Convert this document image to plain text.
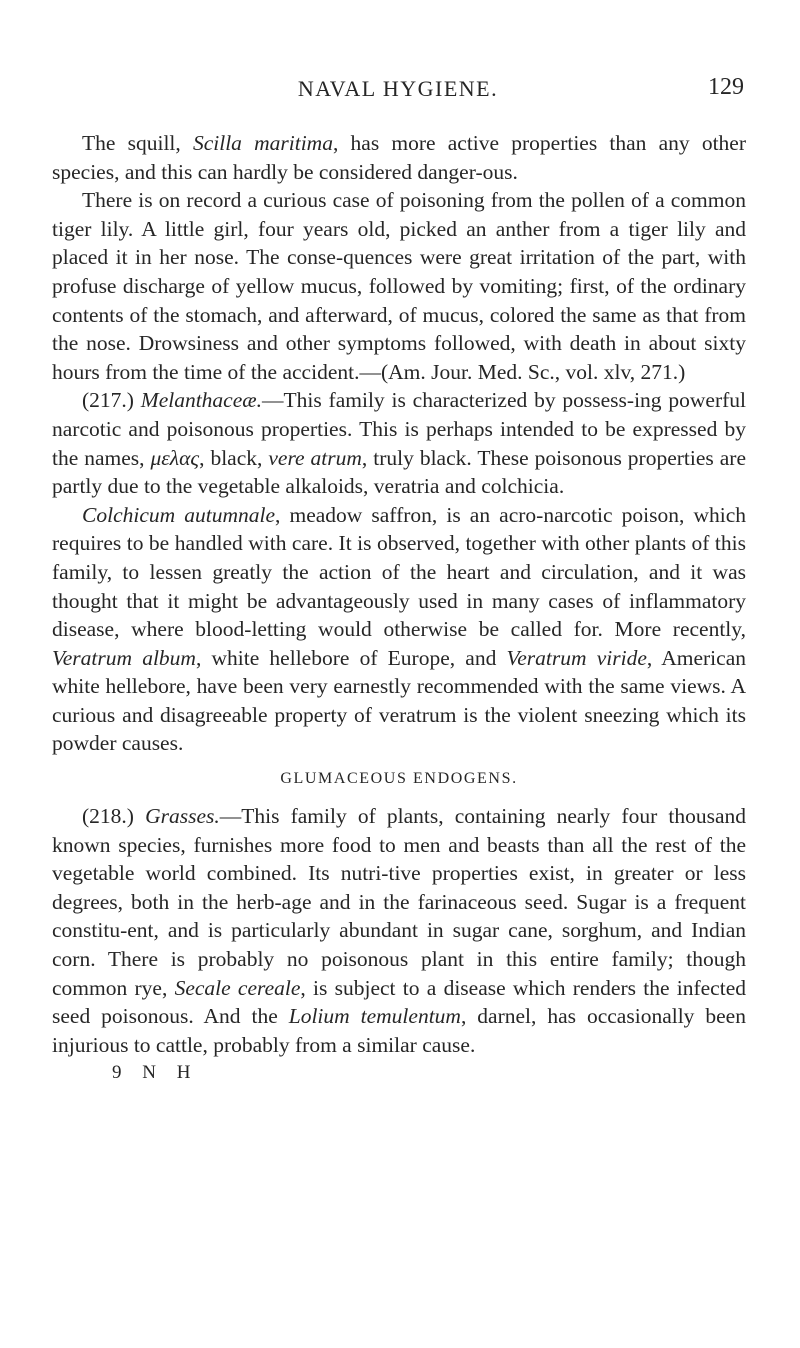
NAVAL HYGIENE.	129

The squill, Scilla maritima, has more active properties than any other species, and this can hardly be considered danger-ous.

There is on record a curious case of poisoning from the pollen of a common tiger lily. A little girl, four years old, picked an anther from a tiger lily and placed it in her nose. The conse-quences were great irritation of the part, with profuse discharge of yellow mucus, followed by vomiting; first, of the ordinary contents of the stomach, and afterward, of mucus, colored the same as that from the nose. Drowsiness and other symptoms followed, with death in about sixty hours from the time of the accident.—(Am. Jour. Med. Sc., vol. xlv, 271.)

(217.) Melanthaceæ.—This family is characterized by possess-ing powerful narcotic and poisonous properties. This is perhaps intended to be expressed by the names, μελας, black, vere atrum, truly black. These poisonous properties are partly due to the vegetable alkaloids, veratria and colchicia.

Colchicum autumnale, meadow saffron, is an acro-narcotic poison, which requires to be handled with care. It is observed, together with other plants of this family, to lessen greatly the action of the heart and circulation, and it was thought that it might be advantageously used in many cases of inflammatory disease, where blood-letting would otherwise be called for. More recently, Veratrum album, white hellebore of Europe, and Veratrum viride, American white hellebore, have been very earnestly recommended with the same views. A curious and disagreeable property of veratrum is the violent sneezing which its powder causes.

GLUMACEOUS ENDOGENS.

(218.) Grasses.—This family of plants, containing nearly four thousand known species, furnishes more food to men and beasts than all the rest of the vegetable world combined. Its nutri-tive properties exist, in greater or less degrees, both in the herb-age and in the farinaceous seed. Sugar is a frequent constitu-ent, and is particularly abundant in sugar cane, sorghum, and Indian corn. There is probably no poisonous plant in this entire family; though common rye, Secale cereale, is subject to a disease which renders the infected seed poisonous. And the Lolium temulentum, darnel, has occasionally been injurious to cattle, probably from a similar cause.

9 N H
